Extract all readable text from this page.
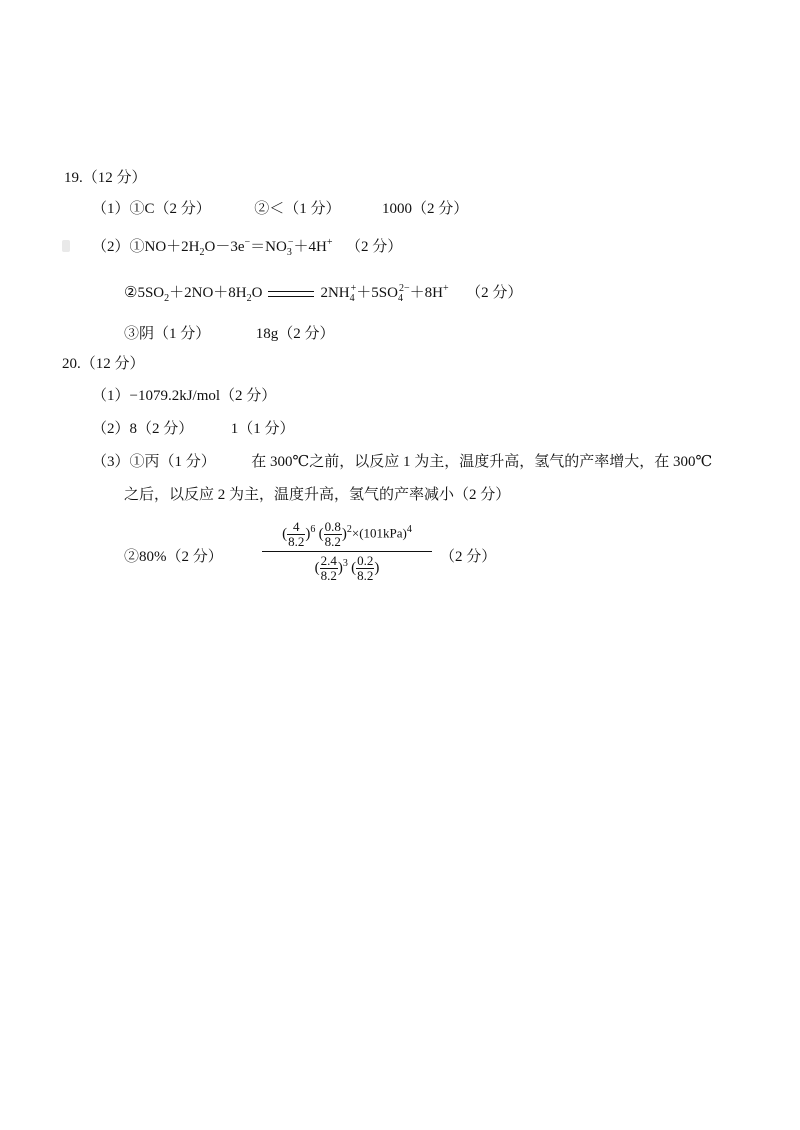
19.（12 分）
（1）①C（2 分）	②＜（1 分）	1000（2 分）
$(2)①NO+2H_2O-3e^-=NO_3^-+4H^+$ （2 分）
$②5SO_2+2NO+8H_2O$	$2NH_4^++5SO_4^{2-}+8H^+$ （2 分）
③阴（1 分）	18g（2 分）
20.（12 分）
（1）−1079.2kJ/mol（2 分）
（2）8（2 分）	1（1 分）
（3）①丙（1 分） 在 300℃之前，以反应 1 为主，温度升高，氢气的产率增大，在 300℃
之后，以反应 2 为主，温度升高，氢气的产率减小（2 分）
②80%（2 分）
( $\frac{4}{8.2} )^6$ ( $\frac{0.8}{8.2} )^2\times(101kPa)^4$
( $\frac{2.4}{8.2} )^3$ ( $\frac{0.2}{8.2}$ )
（2 分）
